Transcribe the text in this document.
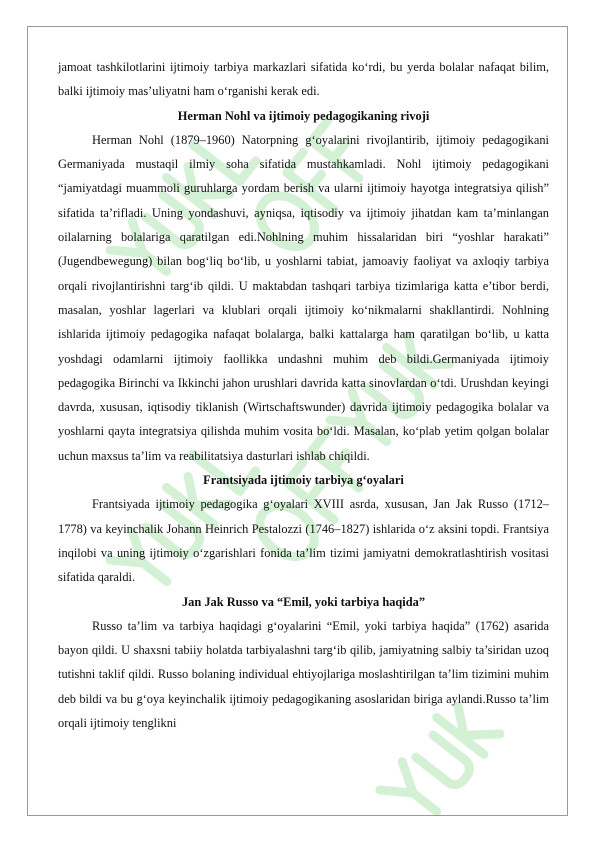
jamoat tashkilotlarini ijtimoiy tarbiya markazlari sifatida ko‘rdi, bu yerda bolalar nafaqat bilim, balki ijtimoiy mas’uliyatni ham o‘rganishi kerak edi.

Herman Nohl va ijtimoiy pedagogikaning rivoji

Herman Nohl (1879–1960) Natorpning g‘oyalarini rivojlantirib, ijtimoiy pedagogikani Germaniyada mustaqil ilmiy soha sifatida mustahkamladi. Nohl ijtimoiy pedagogikani “jamiyatdagi muammoli guruhlarga yordam berish va ularni ijtimoiy hayotga integratsiya qilish” sifatida ta’rifladi. Uning yondashuvi, ayniqsa, iqtisodiy va ijtimoiy jihatdan kam ta’minlangan oilalarning bolalariga qaratilgan edi.Nohlning muhim hissalaridan biri “yoshlar harakati” (Jugendbewegung) bilan bog‘liq bo‘lib, u yoshlarni tabiat, jamoaviy faoliyat va axloqiy tarbiya orqali rivojlantirishni targ‘ib qildi. U maktabdan tashqari tarbiya tizimlariga katta e’tibor berdi, masalan, yoshlar lagerlari va klublari orqali ijtimoiy ko‘nikmalarni shakllantirdi. Nohlning ishlarida ijtimoiy pedagogika nafaqat bolalarga, balki kattalarga ham qaratilgan bo‘lib, u katta yoshdagi odamlarni ijtimoiy faollikka undashni muhim deb bildi.Germaniyada ijtimoiy pedagogika Birinchi va Ikkinchi jahon urushlari davrida katta sinovlardan o‘tdi. Urushdan keyingi davrda, xususan, iqtisodiy tiklanish (Wirtschaftswunder) davrida ijtimoiy pedagogika bolalar va yoshlarni qayta integratsiya qilishda muhim vosita bo‘ldi. Masalan, ko‘plab yetim qolgan bolalar uchun maxsus ta’lim va reabilitatsiya dasturlari ishlab chiqildi.

Frantsiyada ijtimoiy tarbiya g‘oyalari

Frantsiyada ijtimoiy pedagogika g‘oyalari XVIII asrda, xususan, Jan Jak Russo (1712–1778) va keyinchalik Johann Heinrich Pestalozzi (1746–1827) ishlarida o‘z aksini topdi. Frantsiya inqilobi va uning ijtimoiy o‘zgarishlari fonida ta’lim tizimi jamiyatni demokratlashtirish vositasi sifatida qaraldi.

Jan Jak Russo va “Emil, yoki tarbiya haqida”

Russo ta’lim va tarbiya haqidagi g‘oyalarini “Emil, yoki tarbiya haqida” (1762) asarida bayon qildi. U shaxsni tabiiy holatda tarbiyalashni targ‘ib qilib, jamiyatning salbiy ta’siridan uzoq tutishni taklif qildi. Russo bolaning individual ehtiyojlariga moslashtirilgan ta’lim tizimini muhim deb bildi va bu g‘oya keyinchalik ijtimoiy pedagogikaning asoslaridan biriga aylandi.Russo ta’lim orqali ijtimoiy tenglikni
